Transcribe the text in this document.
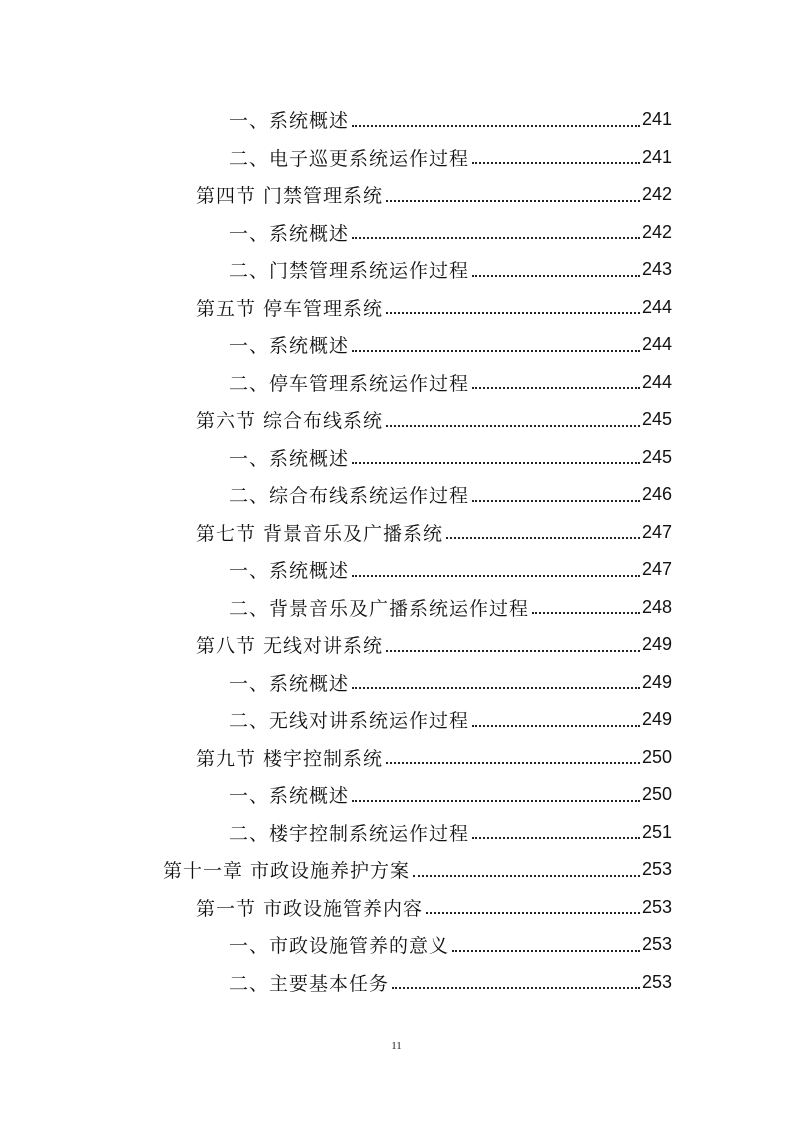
一、系统概述	241
二、电子巡更系统运作过程	241
第四节 门禁管理系统	242
一、系统概述	242
二、门禁管理系统运作过程	243
第五节 停车管理系统	244
一、系统概述	244
二、停车管理系统运作过程	244
第六节 综合布线系统	245
一、系统概述	245
二、综合布线系统运作过程	246
第七节 背景音乐及广播系统	247
一、系统概述	247
二、背景音乐及广播系统运作过程	248
第八节 无线对讲系统	249
一、系统概述	249
二、无线对讲系统运作过程	249
第九节 楼宇控制系统	250
一、系统概述	250
二、楼宇控制系统运作过程	251
第十一章 市政设施养护方案	253
第一节 市政设施管养内容	253
一、市政设施管养的意义	253
二、主要基本任务	253
11
